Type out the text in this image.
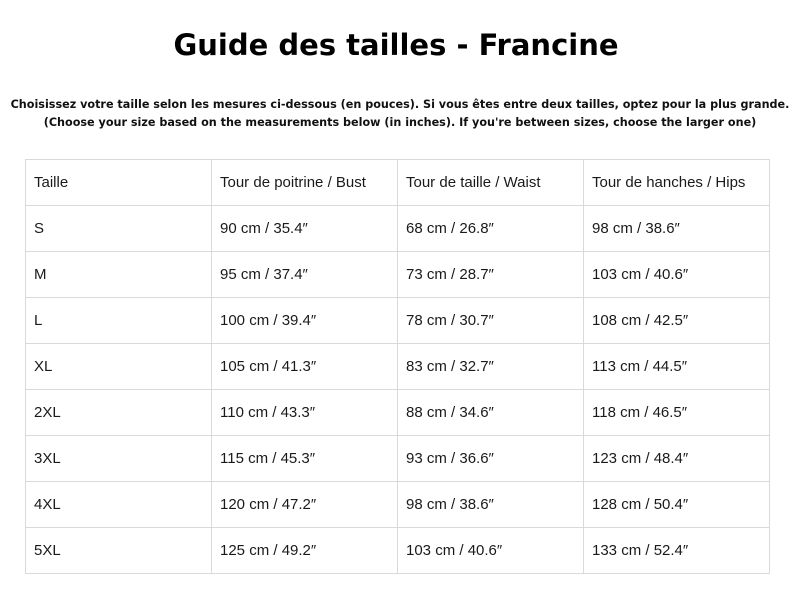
Guide des tailles - Francine
Choisissez votre taille selon les mesures ci-dessous (en pouces). Si vous êtes entre deux tailles, optez pour la plus grande.
(Choose your size based on the measurements below (in inches). If you're between sizes, choose the larger one)
Taille	Tour de poitrine / Bust	Tour de taille / Waist	Tour de hanches / Hips
S	90 cm / 35.4″	68 cm / 26.8″	98 cm / 38.6″
M	95 cm / 37.4″	73 cm / 28.7″	103 cm / 40.6″
L	100 cm / 39.4″	78 cm / 30.7″	108 cm / 42.5″
XL	105 cm / 41.3″	83 cm / 32.7″	113 cm / 44.5″
2XL	110 cm / 43.3″	88 cm / 34.6″	118 cm / 46.5″
3XL	115 cm / 45.3″	93 cm / 36.6″	123 cm / 48.4″
4XL	120 cm / 47.2″	98 cm / 38.6″	128 cm / 50.4″
5XL	125 cm / 49.2″	103 cm / 40.6″	133 cm / 52.4″
